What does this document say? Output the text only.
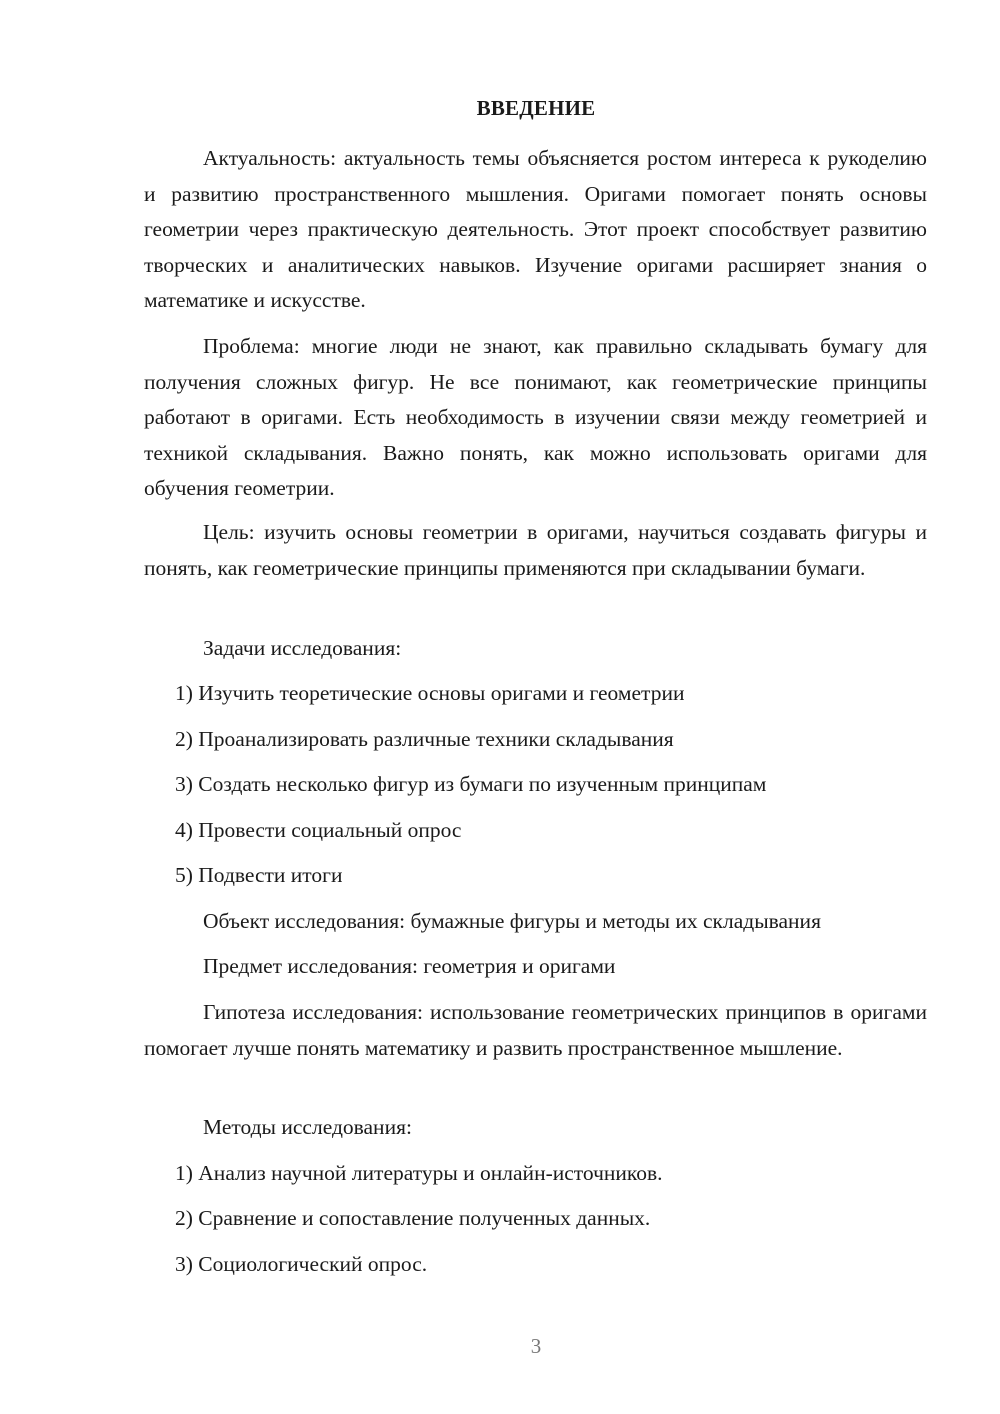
ВВЕДЕНИЕ

Актуальность: актуальность темы объясняется ростом интереса к рукоделию и развитию пространственного мышления. Оригами помогает понять основы геометрии через практическую деятельность. Этот проект способствует развитию творческих и аналитических навыков. Изучение оригами расширяет знания о математике и искусстве.

Проблема: многие люди не знают, как правильно складывать бумагу для получения сложных фигур. Не все понимают, как геометрические принципы работают в оригами. Есть необходимость в изучении связи между геометрией и техникой складывания. Важно понять, как можно использовать оригами для обучения геометрии.

Цель: изучить основы геометрии в оригами, научиться создавать фигуры и понять, как геометрические принципы применяются при складывании бумаги.

Задачи исследования:
1) Изучить теоретические основы оригами и геометрии
2) Проанализировать различные техники складывания
3) Создать несколько фигур из бумаги по изученным принципам
4) Провести социальный опрос
5) Подвести итоги
Объект исследования: бумажные фигуры и методы их складывания
Предмет исследования: геометрия и оригами

Гипотеза исследования: использование геометрических принципов в оригами помогает лучше понять математику и развить пространственное мышление.

Методы исследования:
1) Анализ научной литературы и онлайн-источников.
2) Сравнение и сопоставление полученных данных.
3) Социологический опрос.
3
